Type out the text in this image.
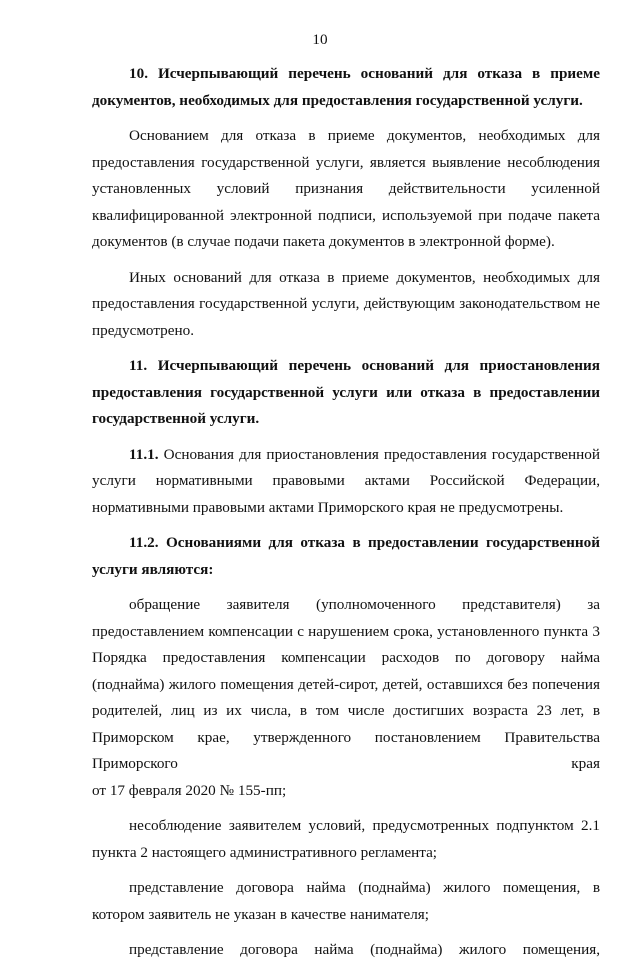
10

10. Исчерпывающий перечень оснований для отказа в приеме документов, необходимых для предоставления государственной услуги.

Основанием для отказа в приеме документов, необходимых для предоставления государственной услуги, является выявление несоблюдения установленных условий признания действительности усиленной квалифицированной электронной подписи, используемой при подаче пакета документов (в случае подачи пакета документов в электронной форме).

Иных оснований для отказа в приеме документов, необходимых для предоставления государственной услуги, действующим законодательством не предусмотрено.

11. Исчерпывающий перечень оснований для приостановления предоставления государственной услуги или отказа в предоставлении государственной услуги.

11.1. Основания для приостановления предоставления государственной услуги нормативными правовыми актами Российской Федерации, нормативными правовыми актами Приморского края не предусмотрены.

11.2. Основаниями для отказа в предоставлении государственной услуги являются:

обращение заявителя (уполномоченного представителя) за предоставлением компенсации с нарушением срока, установленного пункта 3 Порядка предоставления компенсации расходов по договору найма (поднайма) жилого помещения детей-сирот, детей, оставшихся без попечения родителей, лиц из их числа, в том числе достигших возраста 23 лет, в Приморском крае, утвержденного постановлением Правительства Приморского края

от 17 февраля 2020 № 155-пп;

несоблюдение заявителем условий, предусмотренных подпунктом 2.1 пункта 2 настоящего административного регламента;

представление договора найма (поднайма) жилого помещения, в котором заявитель не указан в качестве нанимателя;

представление договора найма (поднайма) жилого помещения,
